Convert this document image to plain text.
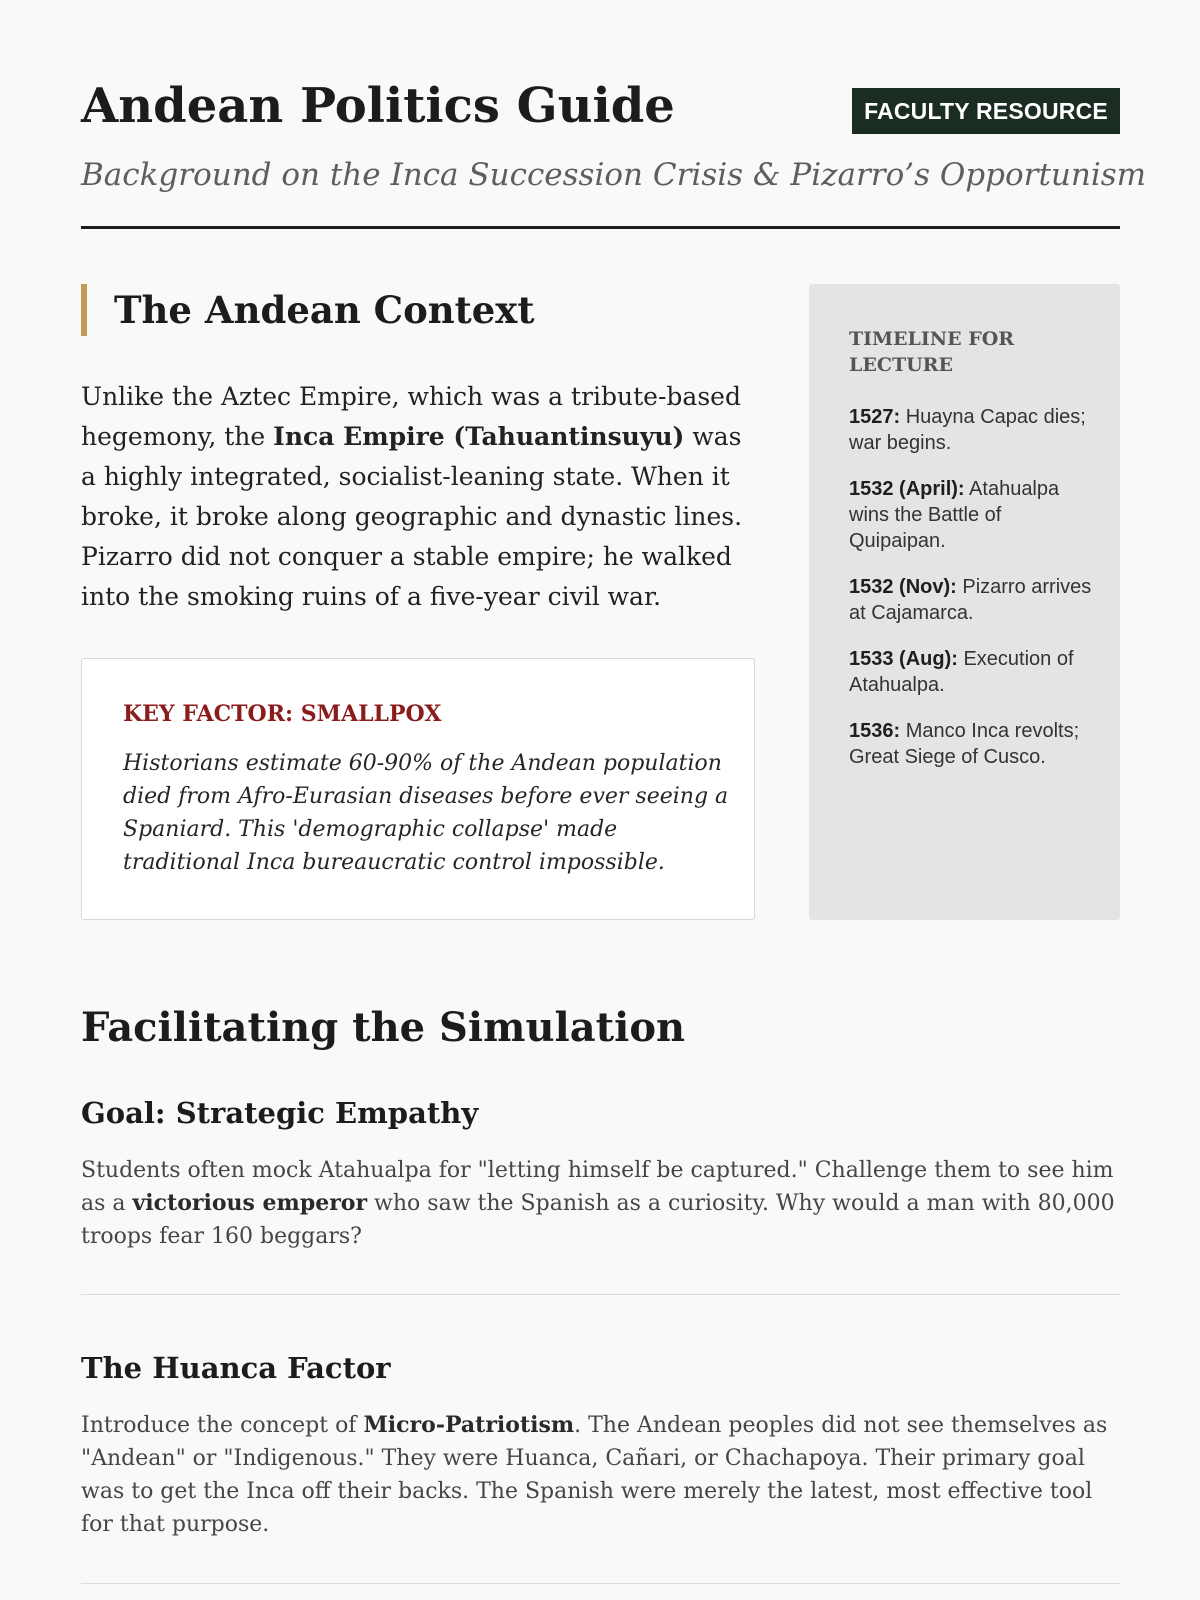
Andean Politics Guide	FACULTY RESOURCE

Background on the Inca Succession Crisis & Pizarro’s Opportunism

The Andean Context

Unlike the Aztec Empire, which was a tribute-based hegemony, the Inca Empire (Tahuantinsuyu) was a highly integrated, socialist-leaning state. When it broke, it broke along geographic and dynastic lines. Pizarro did not conquer a stable empire; he walked into the smoking ruins of a five-year civil war.

KEY FACTOR: SMALLPOX

Historians estimate 60-90% of the Andean population died from Afro-Eurasian diseases before ever seeing a Spaniard. This 'demographic collapse' made traditional Inca bureaucratic control impossible.

TIMELINE FOR LECTURE
1527: Huayna Capac dies; war begins.
1532 (April): Atahualpa wins the Battle of Quipaipan.
1532 (Nov): Pizarro arrives at Cajamarca.
1533 (Aug): Execution of Atahualpa.
1536: Manco Inca revolts; Great Siege of Cusco.
Facilitating the Simulation
Goal: Strategic Empathy

Students often mock Atahualpa for "letting himself be captured." Challenge them to see him as a victorious emperor who saw the Spanish as a curiosity. Why would a man with 80,000 troops fear 160 beggars?

The Huanca Factor

Introduce the concept of Micro-Patriotism. The Andean peoples did not see themselves as "Andean" or "Indigenous." They were Huanca, Cañari, or Chachapoya. Their primary goal was to get the Inca off their backs. The Spanish were merely the latest, most effective tool for that purpose.
